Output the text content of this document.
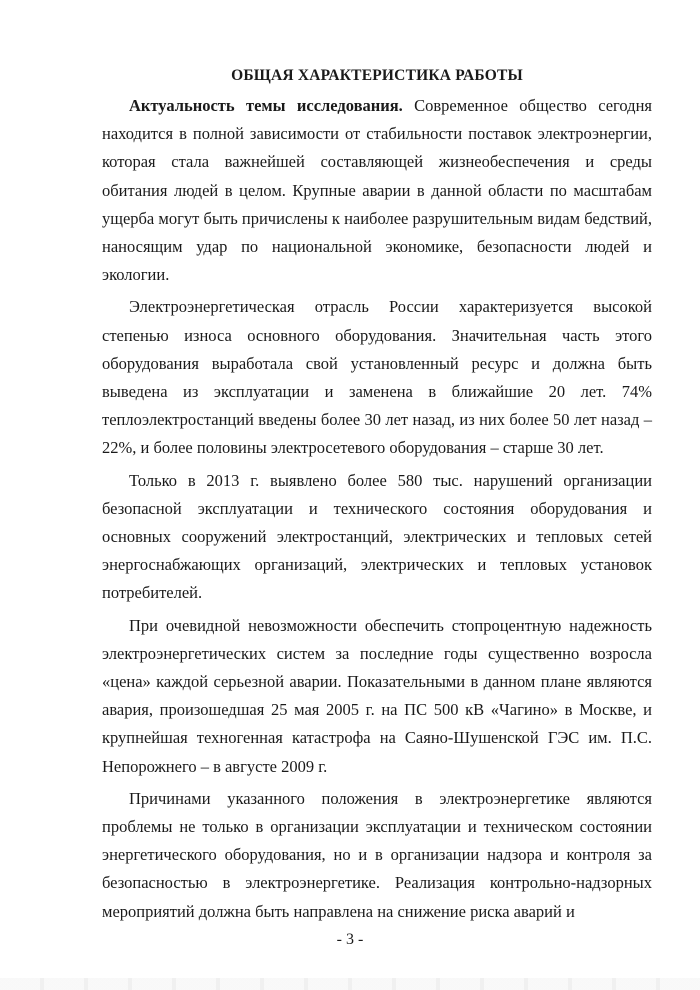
ОБЩАЯ ХАРАКТЕРИСТИКА РАБОТЫ

Актуальность темы исследования. Современное общество сегодня находится в полной зависимости от стабильности поставок электроэнергии, которая стала важнейшей составляющей жизнеобеспечения и среды обитания людей в целом. Крупные аварии в данной области по масштабам ущерба могут быть причислены к наиболее разрушительным видам бедствий, наносящим удар по национальной экономике, безопасности людей и экологии.

Электроэнергетическая отрасль России характеризуется высокой степенью износа основного оборудования. Значительная часть этого оборудования выработала свой установленный ресурс и должна быть выведена из эксплуатации и заменена в ближайшие 20 лет. 74% теплоэлектростанций введены более 30 лет назад, из них более 50 лет назад – 22%, и более половины электросетевого оборудования – старше 30 лет.

Только в 2013 г. выявлено более 580 тыс. нарушений организации безопасной эксплуатации и технического состояния оборудования и основных сооружений электростанций, электрических и тепловых сетей энергоснабжающих организаций, электрических и тепловых установок потребителей.

При очевидной невозможности обеспечить стопроцентную надежность электроэнергетических систем за последние годы существенно возросла «цена» каждой серьезной аварии. Показательными в данном плане являются авария, произошедшая 25 мая 2005 г. на ПС 500 кВ «Чагино» в Москве, и крупнейшая техногенная катастрофа на Саяно-Шушенской ГЭС им. П.С. Непорожнего – в августе 2009 г.

Причинами указанного положения в электроэнергетике являются проблемы не только в организации эксплуатации и техническом состоянии энергетического оборудования, но и в организации надзора и контроля за безопасностью в электроэнергетике. Реализация контрольно-надзорных мероприятий должна быть направлена на снижение риска аварий и

- 3 -
